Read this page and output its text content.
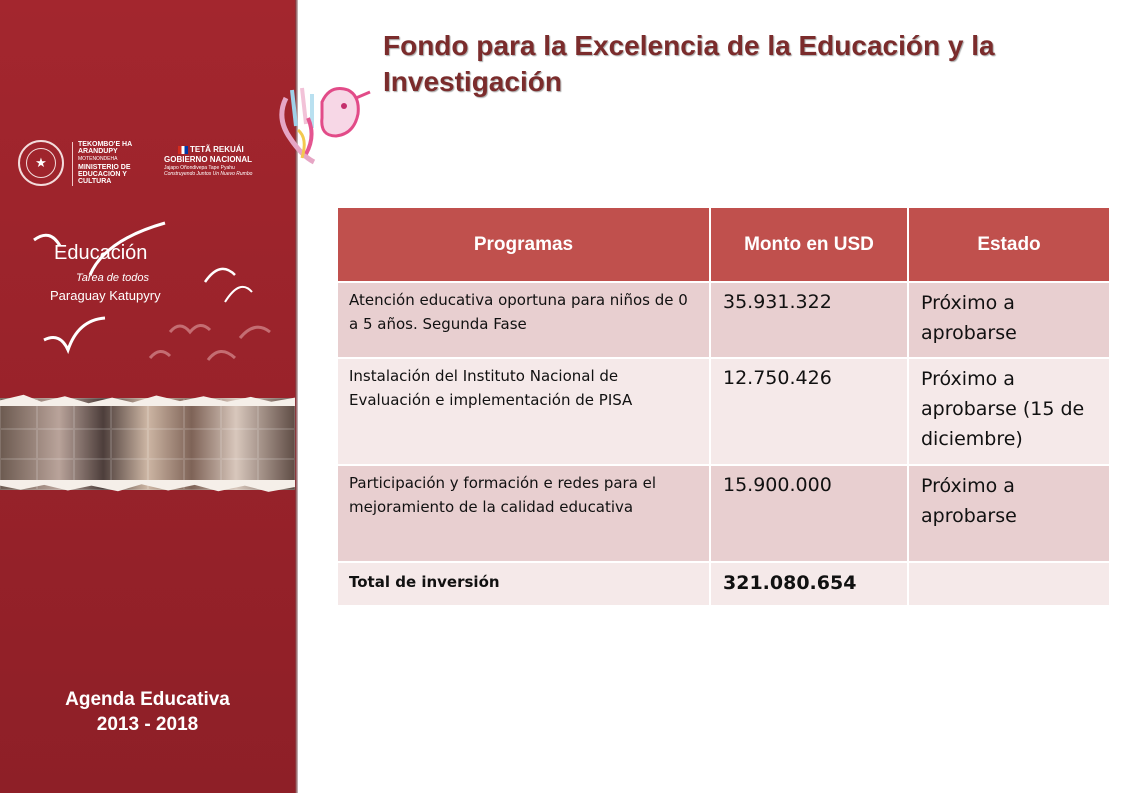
★
TEKOMBO'E HA ARANDUPY
MOTENONDEHA
MINISTERIO DE EDUCACIÓN Y CULTURA
TETÃ REKUÁI
GOBIERNO NACIONAL
Jajapo Oñondivepa Tape Pyahu
Construyendo Juntos Un Nuevo Rumbo
Educación
Tarea de todos
Paraguay Katupyry
Agenda Educativa
2013 - 2018
Fondo para la Excelencia de la Educación y la Investigación
Programas	Monto en USD	Estado
Atención educativa oportuna para niños de 0 a 5 años. Segunda Fase	35.931.322	Próximo a aprobarse
Instalación del Instituto Nacional de Evaluación e implementación de PISA	12.750.426	Próximo a aprobarse (15 de diciembre)
Participación y formación e redes para el mejoramiento de la calidad educativa	15.900.000	Próximo a aprobarse
Total de inversión	321.080.654	
